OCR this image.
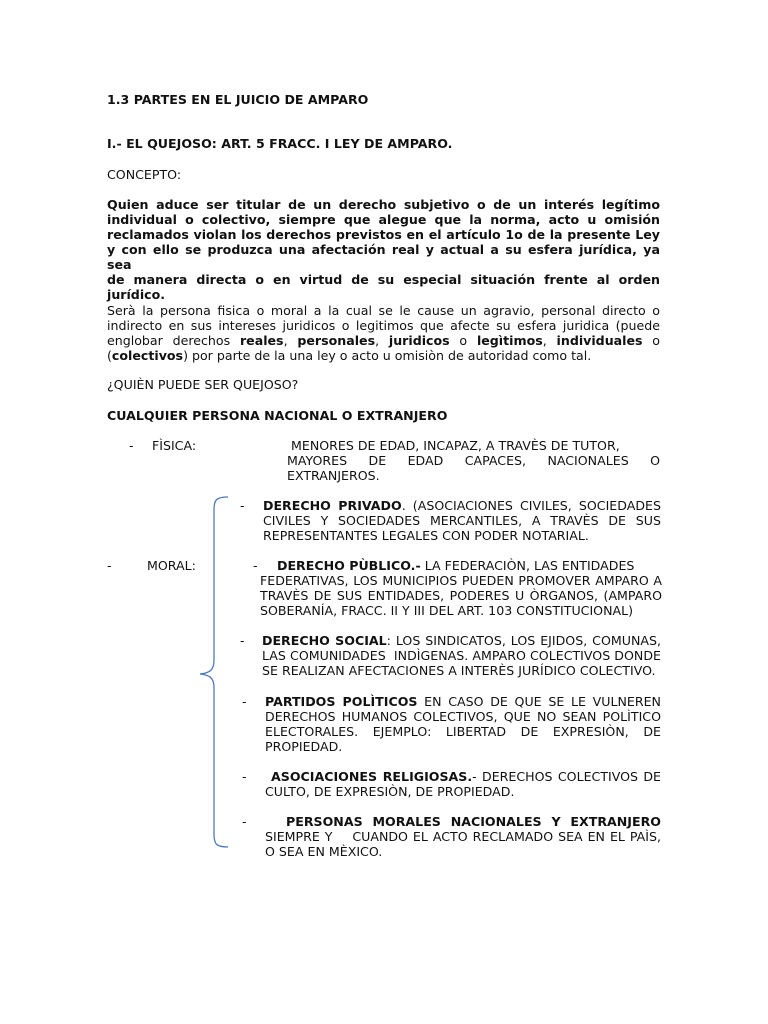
1.3 PARTES EN EL JUICIO DE AMPARO
I.- EL QUEJOSO: ART. 5 FRACC. I LEY DE AMPARO.
CONCEPTO:

Quien aduce ser titular de un derecho subjetivo o de un interés legítimo

individual o colectivo, siempre que alegue que la norma, acto u omisión

reclamados violan los derechos previstos en el artículo 1o de la presente Ley

y con ello se produzca una afectación real y actual a su esfera jurídica, ya sea

de manera directa o en virtud de su especial situación frente al orden

jurídico.

Serà la persona fisica o moral a la cual se le cause un agravio, personal directo o

indirecto en sus intereses juridicos o legitimos que afecte su esfera juridica (puede

englobar derechos reales, personales, juridicos o legìtimos, individuales o

(colectivos) por parte de la una ley o acto u omisiòn de autoridad como tal.

¿QUIÈN PUEDE SER QUEJOSO?
CUALQUIER PERSONA NACIONAL O EXTRANJERO
- FÌSICA:	MENORES DE EDAD, INCAPAZ, A TRAVÈS DE TUTOR,

MAYORES DE EDAD CAPACES, NACIONALES O

EXTRANJEROS.

-	MORAL:
- DERECHO PRIVADO. (ASOCIACIONES CIVILES, SOCIEDADES

CIVILES Y SOCIEDADES MERCANTILES, A TRAVÈS DE SUS

REPRESENTANTES LEGALES CON PODER NOTARIAL.

-	DERECHO PÙBLICO.- LA FEDERACIÒN, LAS ENTIDADES

FEDERATIVAS, LOS MUNICIPIOS PUEDEN PROMOVER AMPARO A

TRAVÈS DE SUS ENTIDADES, PODERES U ÒRGANOS, (AMPARO

SOBERANÍA, FRACC. II Y III DEL ART. 103 CONSTITUCIONAL)

- DERECHO SOCIAL: LOS SINDICATOS, LOS EJIDOS, COMUNAS,

LAS COMUNIDADES  INDÌGENAS. AMPARO COLECTIVOS DONDE

SE REALIZAN AFECTACIONES A INTERÈS JURÍDICO COLECTIVO.

- PARTIDOS POLÌTICOS EN CASO DE QUE SE LE VULNEREN

DERECHOS HUMANOS COLECTIVOS, QUE NO SEAN POLÌTICO

ELECTORALES. EJEMPLO: LIBERTAD DE EXPRESIÒN, DE

PROPIEDAD.

-	ASOCIACIONES RELIGIOSAS.- DERECHOS COLECTIVOS DE

CULTO, DE EXPRESIÒN, DE PROPIEDAD.

-	PERSONAS MORALES NACIONALES Y EXTRANJERO

SIEMPRE Y    CUANDO EL ACTO RECLAMADO SEA EN EL PAÌS,

O SEA EN MÈXICO.
